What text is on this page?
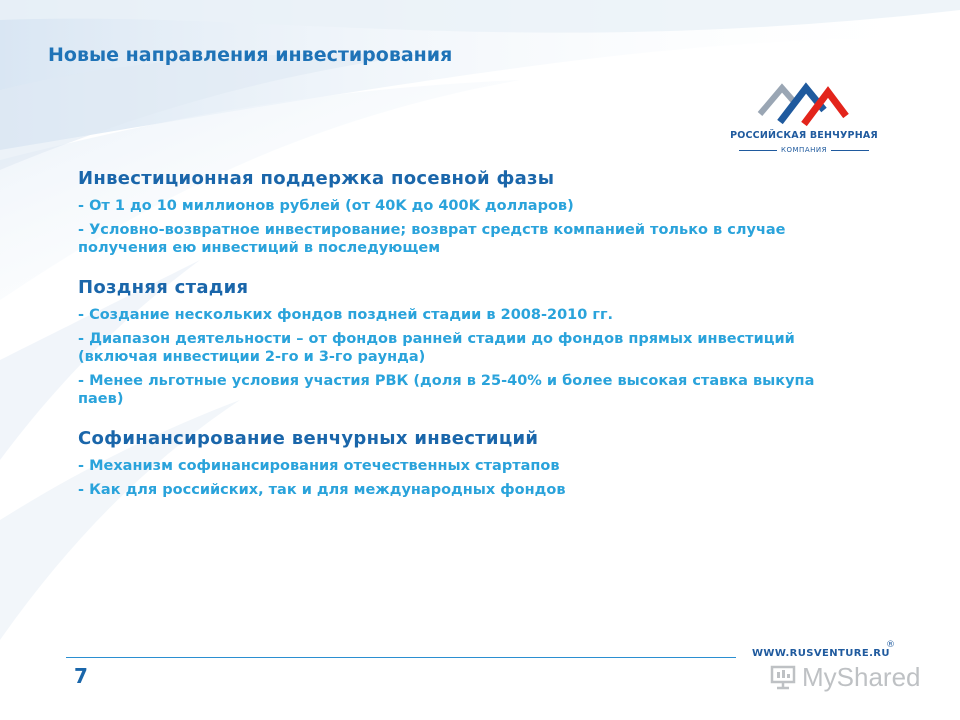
Новые направления инвестирования
РОССИЙСКАЯ ВЕНЧУРНАЯ
КОМПАНИЯ
Инвестиционная поддержка посевной фазы
- От 1 до 10 миллионов рублей (от 40K до 400K долларов)
- Условно-возвратное инвестирование; возврат средств компанией только в случае получения ею инвестиций в последующем
Поздняя стадия
- Создание нескольких фондов поздней стадии в 2008-2010 гг.
- Диапазон деятельности – от фондов ранней стадии до фондов прямых инвестиций (включая инвестиции 2-го и 3-го раунда)
- Менее льготные условия участия РВК (доля в 25-40% и более высокая ставка выкупа паев)
Софинансирование венчурных инвестиций
- Механизм софинансирования отечественных стартапов
- Как для российских, так и для международных фондов
7
WWW.RUSVENTURE.RU
®
MyShared
